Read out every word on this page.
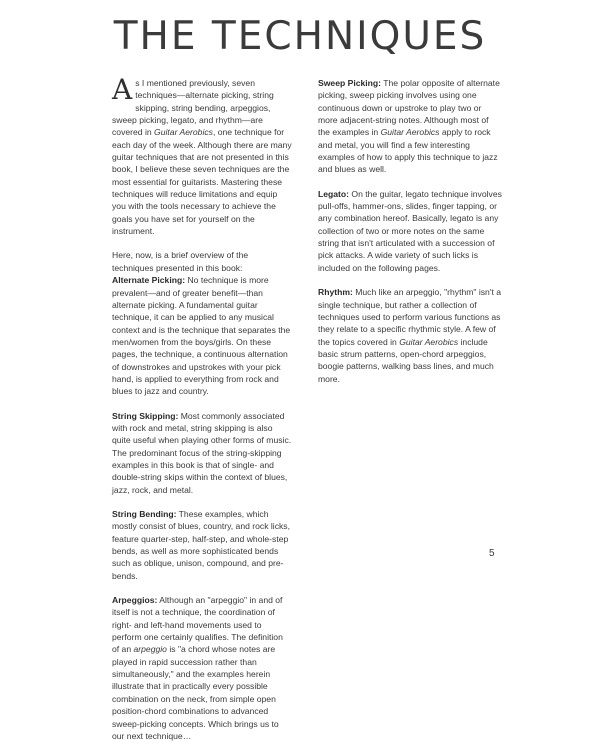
THE TECHNIQUES

As I mentioned previously, seven techniques—alternate picking, string skipping, string bending, arpeggios, sweep picking, legato, and rhythm—are covered in Guitar Aerobics, one technique for each day of the week. Although there are many guitar techniques that are not presented in this book, I believe these seven techniques are the most essential for guitarists. Mastering these techniques will reduce limitations and equip you with the tools necessary to achieve the goals you have set for yourself on the instrument.

Here, now, is a brief overview of the techniques presented in this book:

Alternate Picking: No technique is more prevalent—and of greater benefit—than alternate picking. A fundamental guitar technique, it can be applied to any musical context and is the technique that separates the men/women from the boys/girls. On these pages, the technique, a continuous alternation of downstrokes and upstrokes with your pick hand, is applied to everything from rock and blues to jazz and country.

String Skipping: Most commonly associated with rock and metal, string skipping is also quite useful when playing other forms of music. The predominant focus of the string-skipping examples in this book is that of single- and double-string skips within the context of blues, jazz, rock, and metal.

String Bending: These examples, which mostly consist of blues, country, and rock licks, feature quarter-step, half-step, and whole-step bends, as well as more sophisticated bends such as oblique, unison, compound, and pre-bends.

Arpeggios: Although an "arpeggio" in and of itself is not a technique, the coordination of right- and left-hand movements used to perform one certainly qualifies. The definition of an arpeggio is "a chord whose notes are played in rapid succession rather than simultaneously," and the examples herein illustrate that in practically every possible combination on the neck, from simple open position-chord combinations to advanced sweep-picking concepts. Which brings us to our next technique…

Sweep Picking: The polar opposite of alternate picking, sweep picking involves using one continuous down or upstroke to play two or more adjacent-string notes. Although most of the examples in Guitar Aerobics apply to rock and metal, you will find a few interesting examples of how to apply this technique to jazz and blues as well.

Legato: On the guitar, legato technique involves pull-offs, hammer-ons, slides, finger tapping, or any combination hereof. Basically, legato is any collection of two or more notes on the same string that isn't articulated with a succession of pick attacks. A wide variety of such licks is included on the following pages.

Rhythm: Much like an arpeggio, "rhythm" isn't a single technique, but rather a collection of techniques used to perform various functions as they relate to a specific rhythmic style. A few of the topics covered in Guitar Aerobics include basic strum patterns, open-chord arpeggios, boogie patterns, walking bass lines, and much more.

5
